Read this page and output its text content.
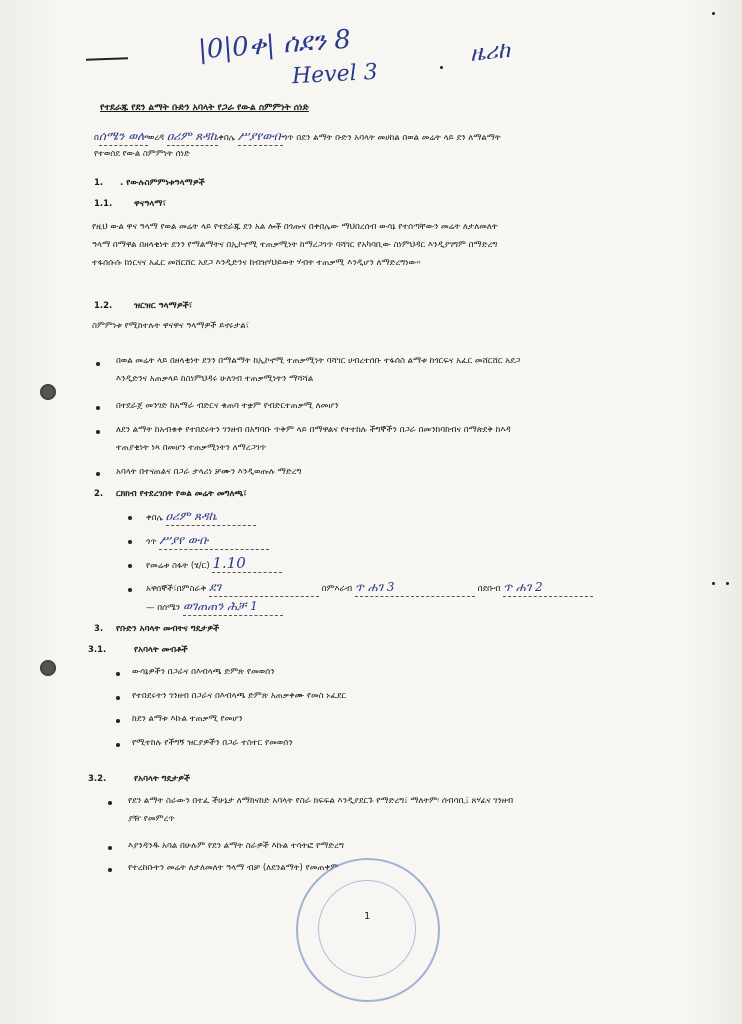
|0|0ቀ| ሰደን 8
Hevel 3
ዜሪከ
የተደራጁ የደን ልማት ቡድን አባላት የጋራ የውል ስምምነት ሰነድ
በሰሜን ወሎወረዳ ዐሪም ጸዳኬቀበሌ ሥያየውቡጎጥ በደን ልማት ቡድን አባላት መሀከል በወል መሬት ላይ ደን ለማልማት
የተወሰደ የውል ስምምነት ሰነድ
1. . የውሉስምምነቱዓላማዎች
1.1.	ዋናዓላማ፣
የዚህ ውል ዋና ዓላማ የወል መሬት ላይ የተደራጁ ደን አል ሎቾ በጎጡና በቀበሌው ማህበረሰብ ውሳኔ የተሰጣቸውን መሬት ለታለመለት
ዓላማ በማዋል በዘላቂነት ደንን የማልማትና በኢኮኖሚ ተጠቃሚነት ከማረጋገጥ ባሻገር የአካባቢው ስነምህዳር እንዲያገግም በማድረግ
ተፋሰሱሱ ከነርናና አፈር መሸርሸር አደጋ እንዲድንና ከብዝሃህይወት ሃብት ተጠቃሚ እንዲሆን ለማድረግነው።
1.2.	ዝርዝር ዓላማዎች፣
ስምምነቱ የሚከተሉት ዋናዋና ዓላማዎች ይኖሩታል፣
በወል መሬት ላይ በዘላቂነት ደንን በማልማት ከኢኮኖሚ ተጠቃሚነት ባሻገር ሀብረተሰቡ ተፋሰስ ልማቱ ከጎርፍና አፈር መሸርሸር አደጋ
እንዲድንና አጠቃላይ ከስነምህዳሩ ሁለገብ ተጠቃሚነትን ማሻሻል
በተደራጀ መንገድ ከአማራ ብድርና ቁጠባ ተቋም የብድርተጠቃሚ ለመሆን
ለደን ልማት ከአብቁቀ የተበደሩትን ገንዘብ በአግባቡ ጥቅም ላይ በማዋልና የተተከሉ ችግኞችን በጋራ በመንከባከብና በማጽደቅ ከእዳ
ተጠያቂነት ነጻ በመሆን ተጠቃሚነትን ለማረጋገጥ
አባላት በተናጠልና በጋራ ታላሪነ ቻሙን እንዲወጡሉ ማድረግ
2. ርክክብ የተደረገበት የወል መሬት መግለጫ፣
ቀበሌ ዐሪም ጸዳኬ
ጎጥ ሥያየ ውቡ
የመሬቱ ስፋት (ሄ/ር) 1.10
አዋሰኞች፣በምስራቅ ደገ	በምእራብ ጥ ሐገ 3	በደቡብ ጥ ሐገ 2
— በሰሜን ወገጠጠን ሕቻ 1
3. የቡድን አባላት መብትና ግዴታዎች
3.1.	የአባላት መብቶች
ውሳኔዎችን በጋራና በእብላጫ ድምጽ የመወሰን
የተበደሩትን ገንዘብ በጋራና በእብላጫ ድምጽ አጠቃቀሙ የመስ ኑፈደር
ከደን ልማቱ እኩል ተጠቃሚ የመሆን
የሚተከሉ የችግኝ ዝርያዎችን በጋራ ተስተር የመወሰን
3.2.	የአባላት ግዴታዎች
የደን ልማት ስራውን በተፈ ችሁኔታ ለማከናከድ አባላት የስራ ክፍፍል እንዲያደርጉ የማድረግ፤ ማለትም፡ ሰብሳቢ፤ ጸሃፊና ገንዘብ
ያዥ የመምረጥ
እያንዳንዱ አባል በሁሉም የደን ልማት ስራዎች እኩል ተሳትፎ የማድረግ
የተረከቡትን መሬት ለታለመለት ዓላማ ብቻ (ለደንልማት) የመጠቀም
1
